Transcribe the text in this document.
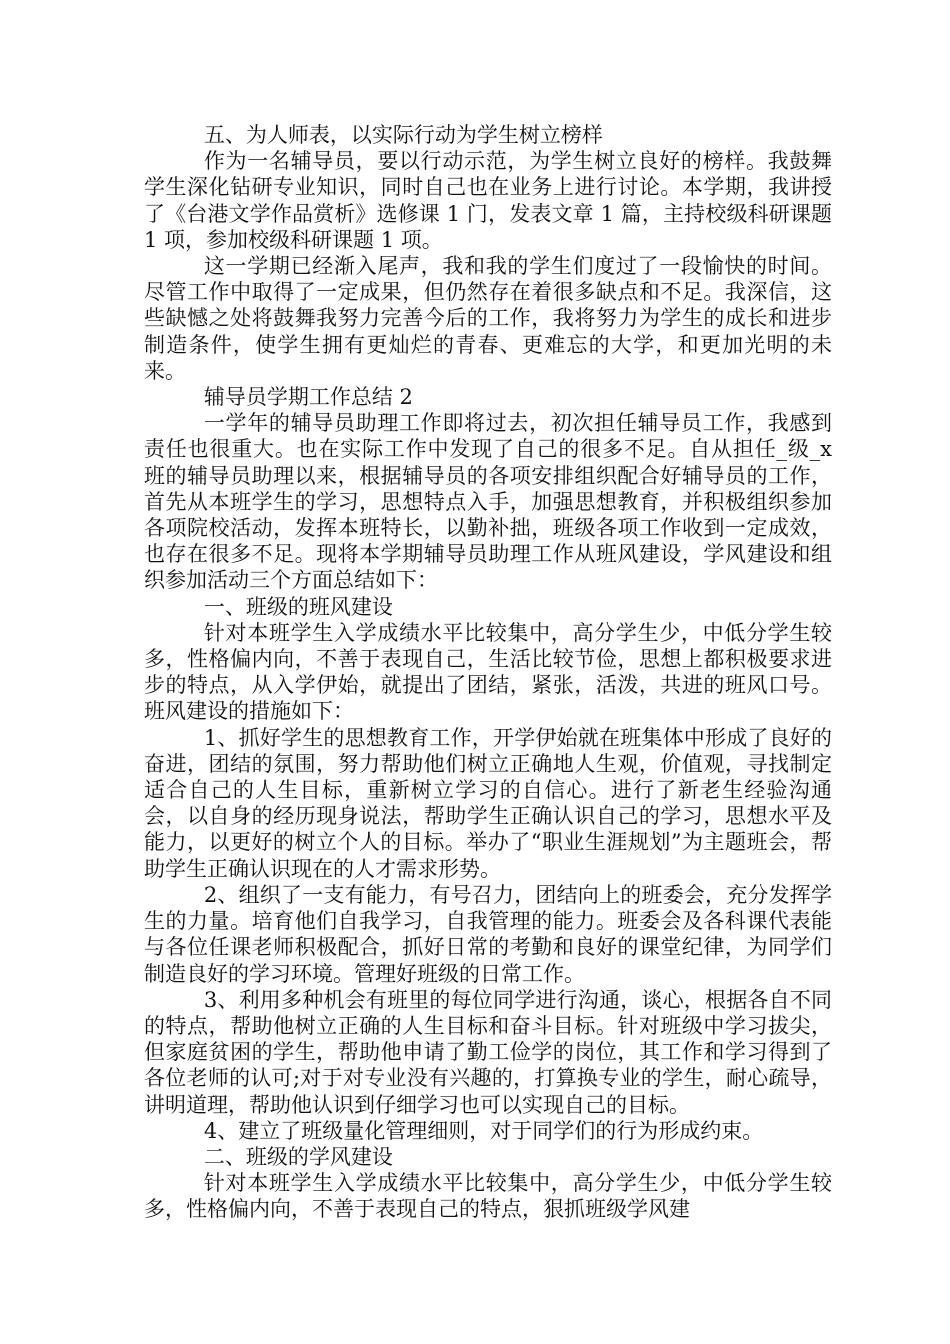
五、为人师表，以实际行动为学生树立榜样

作为一名辅导员，要以行动示范，为学生树立良好的榜样。我鼓舞学生深化钻研专业知识，同时自己也在业务上进行讨论。本学期，我讲授了《台港文学作品赏析》选修课 1 门，发表文章 1 篇，主持校级科研课题 1 项，参加校级科研课题 1 项。

这一学期已经渐入尾声，我和我的学生们度过了一段愉快的时间。尽管工作中取得了一定成果，但仍然存在着很多缺点和不足。我深信，这些缺憾之处将鼓舞我努力完善今后的工作，我将努力为学生的成长和进步制造条件，使学生拥有更灿烂的青春、更难忘的大学，和更加光明的未来。

辅导员学期工作总结 2

一学年的辅导员助理工作即将过去，初次担任辅导员工作，我感到责任也很重大。也在实际工作中发现了自己的很多不足。自从担任_级_x 班的辅导员助理以来，根据辅导员的各项安排组织配合好辅导员的工作，首先从本班学生的学习，思想特点入手，加强思想教育，并积极组织参加各项院校活动，发挥本班特长，以勤补拙，班级各项工作收到一定成效，也存在很多不足。现将本学期辅导员助理工作从班风建设，学风建设和组织参加活动三个方面总结如下：

一、班级的班风建设

针对本班学生入学成绩水平比较集中，高分学生少，中低分学生较多，性格偏内向，不善于表现自己，生活比较节俭，思想上都积极要求进步的特点，从入学伊始，就提出了团结，紧张，活泼，共进的班风口号。班风建设的措施如下：

1、抓好学生的思想教育工作，开学伊始就在班集体中形成了良好的奋进，团结的氛围，努力帮助他们树立正确地人生观，价值观，寻找制定适合自己的人生目标，重新树立学习的自信心。进行了新老生经验沟通会，以自身的经历现身说法，帮助学生正确认识自己的学习，思想水平及能力，以更好的树立个人的目标。举办了“职业生涯规划”为主题班会，帮助学生正确认识现在的人才需求形势。

2、组织了一支有能力，有号召力，团结向上的班委会，充分发挥学生的力量。培育他们自我学习，自我管理的能力。班委会及各科课代表能与各位任课老师积极配合，抓好日常的考勤和良好的课堂纪律，为同学们制造良好的学习环境。管理好班级的日常工作。

3、利用多种机会有班里的每位同学进行沟通，谈心，根据各自不同的特点，帮助他树立正确的人生目标和奋斗目标。针对班级中学习拔尖，但家庭贫困的学生，帮助他申请了勤工俭学的岗位，其工作和学习得到了各位老师的认可;对于对专业没有兴趣的，打算换专业的学生，耐心疏导，讲明道理，帮助他认识到仔细学习也可以实现自己的目标。

4、建立了班级量化管理细则，对于同学们的行为形成约束。

二、班级的学风建设

针对本班学生入学成绩水平比较集中，高分学生少，中低分学生较多，性格偏内向，不善于表现自己的特点，狠抓班级学风建
